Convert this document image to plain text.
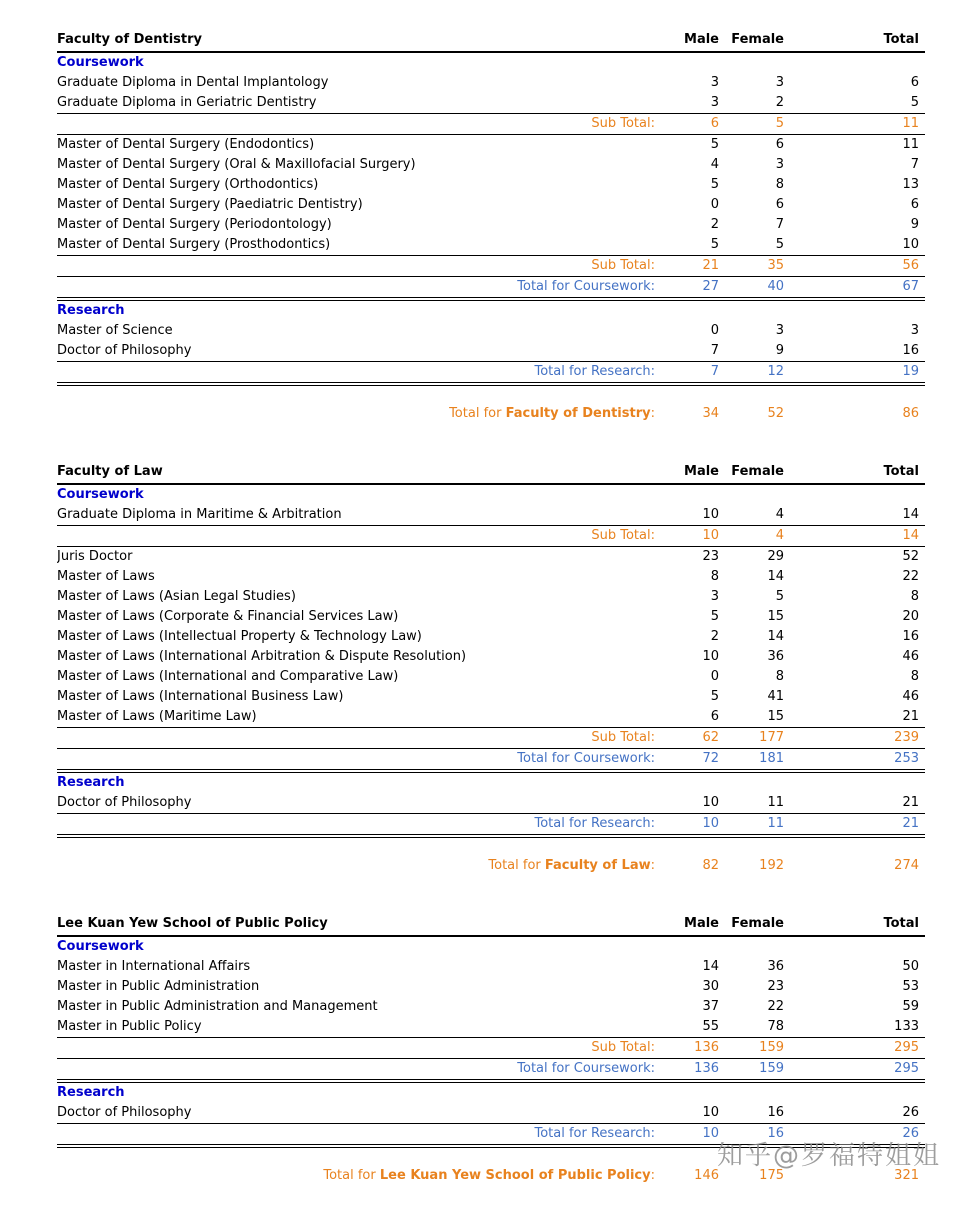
Faculty of Dentistry	Male Female	Total
Coursework
Graduate Diploma in Dental Implantology	3	3	6
Graduate Diploma in Geriatric Dentistry	3	2	5
Sub Total:	6	5	11
Master of Dental Surgery (Endodontics)	5	6	11
Master of Dental Surgery (Oral & Maxillofacial Surgery)	4	3	7
Master of Dental Surgery (Orthodontics)	5	8	13
Master of Dental Surgery (Paediatric Dentistry)	0	6	6
Master of Dental Surgery (Periodontology)	2	7	9
Master of Dental Surgery (Prosthodontics)	5	5	10
Sub Total:	21	35	56
Total for Coursework:	27	40	67
Research
Master of Science	0	3	3
Doctor of Philosophy	7	9	16
Total for Research:	7	12	19
Total for Faculty of Dentistry:	34	52	86
Faculty of Law	Male Female	Total
Coursework
Graduate Diploma in Maritime & Arbitration	10	4	14
Sub Total:	10	4	14
Juris Doctor	23	29	52
Master of Laws	8	14	22
Master of Laws (Asian Legal Studies)	3	5	8
Master of Laws (Corporate & Financial Services Law)	5	15	20
Master of Laws (Intellectual Property & Technology Law)	2	14	16
Master of Laws (International Arbitration & Dispute Resolution)	10	36	46
Master of Laws (International and Comparative Law)	0	8	8
Master of Laws (International Business Law)	5	41	46
Master of Laws (Maritime Law)	6	15	21
Sub Total:	62	177	239
Total for Coursework:	72	181	253
Research
Doctor of Philosophy	10	11	21
Total for Research:	10	11	21
Total for Faculty of Law:	82	192	274
Lee Kuan Yew School of Public Policy	Male Female	Total
Coursework
Master in International Affairs	14	36	50
Master in Public Administration	30	23	53
Master in Public Administration and Management	37	22	59
Master in Public Policy	55	78	133
Sub Total:	136	159	295
Total for Coursework:	136	159	295
Research
Doctor of Philosophy	10	16	26
Total for Research:	10	16	26
Total for Lee Kuan Yew School of Public Policy:	146	175	321
知乎@罗福特姐姐
